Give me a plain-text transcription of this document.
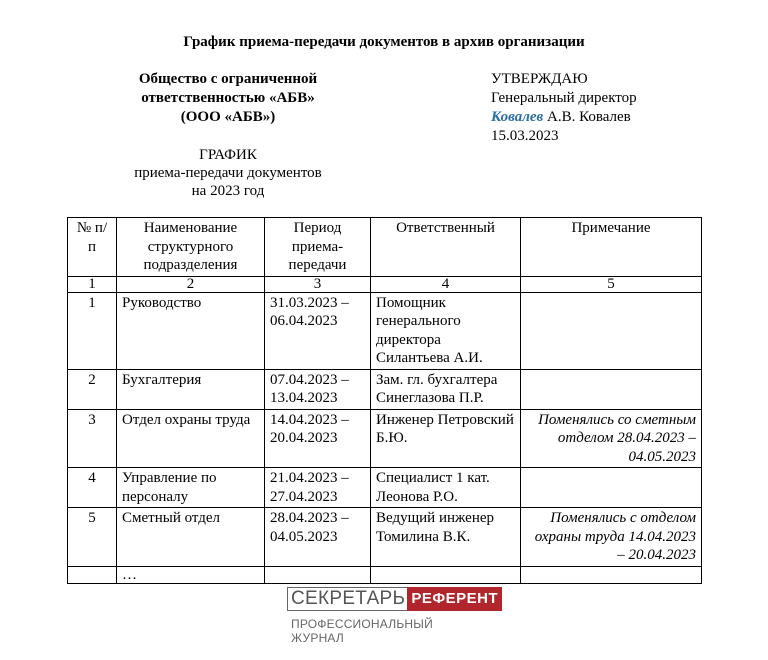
График приема-передачи документов в архив организации
Общество с ограниченной
ответственностью «АБВ»
(ООО «АБВ»)
УТВЕРЖДАЮ
Генеральный директор
Ковалев А.В. Ковалев
15.03.2023
ГРАФИК
приема-передачи документов
на 2023 год
№ п/п	Наименование структурного подразделения	Период приема-передачи	Ответственный	Примечание
1	2	3	4	5
1	Руководство	31.03.2023 – 06.04.2023	Помощник генерального директора Силантьева А.И.	
2	Бухгалтерия	07.04.2023 – 13.04.2023	Зам. гл. бухгалтера Синеглазова П.Р.	
3	Отдел охраны труда	14.04.2023 – 20.04.2023	Инженер Петровский Б.Ю.	Поменялись со сметным отделом 28.04.2023 – 04.05.2023
4	Управление по персоналу	21.04.2023 – 27.04.2023	Специалист 1 кат. Леонова Р.О.	
5	Сметный отдел	28.04.2023 – 04.05.2023	Ведущий инженер Томилина В.К.	Поменялись с отделом охраны труда 14.04.2023 – 20.04.2023
	…			
СЕКРЕТАРЬ РЕФЕРЕНТ
ПРОФЕССИОНАЛЬНЫЙ ЖУРНАЛ
